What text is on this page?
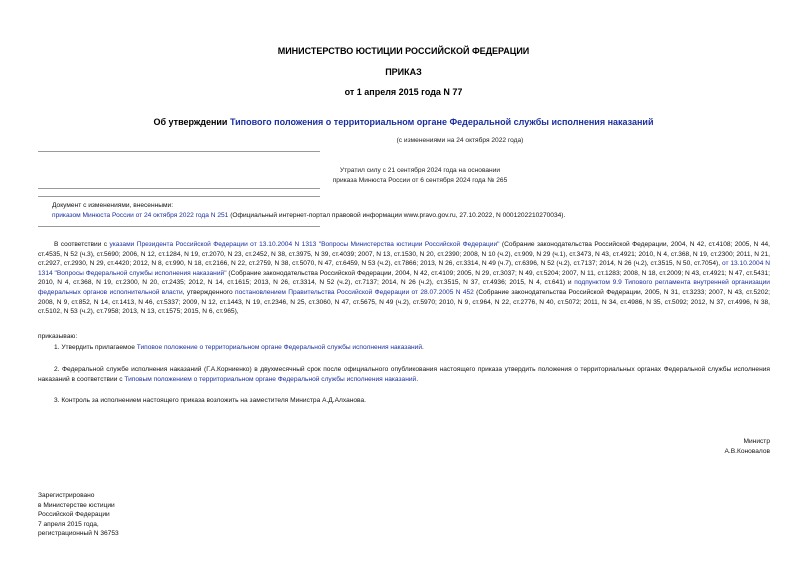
МИНИСТЕРСТВО ЮСТИЦИИ РОССИЙСКОЙ ФЕДЕРАЦИИ
ПРИКАЗ
от 1 апреля 2015 года N 77
Об утверждении Типового положения о территориальном органе Федеральной службы исполнения наказаний
(с изменениями на 24 октября 2022 года)
Утратил силу с 21 сентября 2024 года на основании
приказа Минюста России от 6 сентября 2024 года № 265
Документ с изменениями, внесенными:
приказом Минюста России от 24 октября 2022 года N 251 (Официальный интернет-портал правовой информации www.pravo.gov.ru, 27.10.2022, N 0001202210270034).
В соответствии с указами Президента Российской Федерации от 13.10.2004 N 1313 "Вопросы Министерства юстиции Российской Федерации" (Собрание законодательства Российской Федерации, 2004, N 42, ст.4108; 2005, N 44, ст.4535, N 52 (ч.3), ст.5690; 2006, N 12, ст.1284, N 19, ст.2070, N 23, ст.2452, N 38, ст.3975, N 39, ст.4039; 2007, N 13, ст.1530, N 20, ст.2390; 2008, N 10 (ч.2), ст.909, N 29 (ч.1), ст.3473, N 43, ст.4921; 2010, N 4, ст.368, N 19, ст.2300; 2011, N 21, ст.2927, ст.2930, N 29, ст.4420; 2012, N 8, ст.990, N 18, ст.2166, N 22, ст.2759, N 38, ст.5070, N 47, ст.6459, N 53 (ч.2), ст.7866; 2013, N 26, ст.3314, N 49 (ч.7), ст.6396, N 52 (ч.2), ст.7137; 2014, N 26 (ч.2), ст.3515, N 50, ст.7054), от 13.10.2004 N 1314 "Вопросы Федеральной службы исполнения наказаний" (Собрание законодательства Российской Федерации, 2004, N 42, ст.4109; 2005, N 29, ст.3037; N 49, ст.5204; 2007, N 11, ст.1283; 2008, N 18, ст.2009; N 43, ст.4921; N 47, ст.5431; 2010, N 4, ст.368, N 19, ст.2300, N 20, ст.2435; 2012, N 14, ст.1615; 2013, N 26, ст.3314, N 52 (ч.2), ст.7137; 2014, N 26 (ч.2), ст.3515, N 37, ст.4936; 2015, N 4, ст.641) и подпунктом 9.9 Типового регламента внутренней организации федеральных органов исполнительной власти, утвержденного постановлением Правительства Российской Федерации от 28.07.2005 N 452 (Собрание законодательства Российской Федерации, 2005, N 31, ст.3233; 2007, N 43, ст.5202; 2008, N 9, ст.852, N 14, ст.1413, N 46, ст.5337; 2009, N 12, ст.1443, N 19, ст.2346, N 25, ст.3060, N 47, ст.5675, N 49 (ч.2), ст.5970; 2010, N 9, ст.964, N 22, ст.2776, N 40, ст.5072; 2011, N 34, ст.4986, N 35, ст.5092; 2012, N 37, ст.4996, N 38, ст.5102, N 53 (ч.2), ст.7958; 2013, N 13, ст.1575; 2015, N 6, ст.965),
приказываю:
1. Утвердить прилагаемое Типовое положение о территориальном органе Федеральной службы исполнения наказаний.
2. Федеральной службе исполнения наказаний (Г.А.Корниенко) в двухмесячный срок после официального опубликования настоящего приказа утвердить положения о территориальных органах Федеральной службы исполнения наказаний в соответствии с Типовым положением о территориальном органе Федеральной службы исполнения наказаний.
3. Контроль за исполнением настоящего приказа возложить на заместителя Министра А.Д.Алханова.
Министр
А.В.Коновалов
Зарегистрировано
в Министерстве юстиции
Российской Федерации
7 апреля 2015 года,
регистрационный N 36753
